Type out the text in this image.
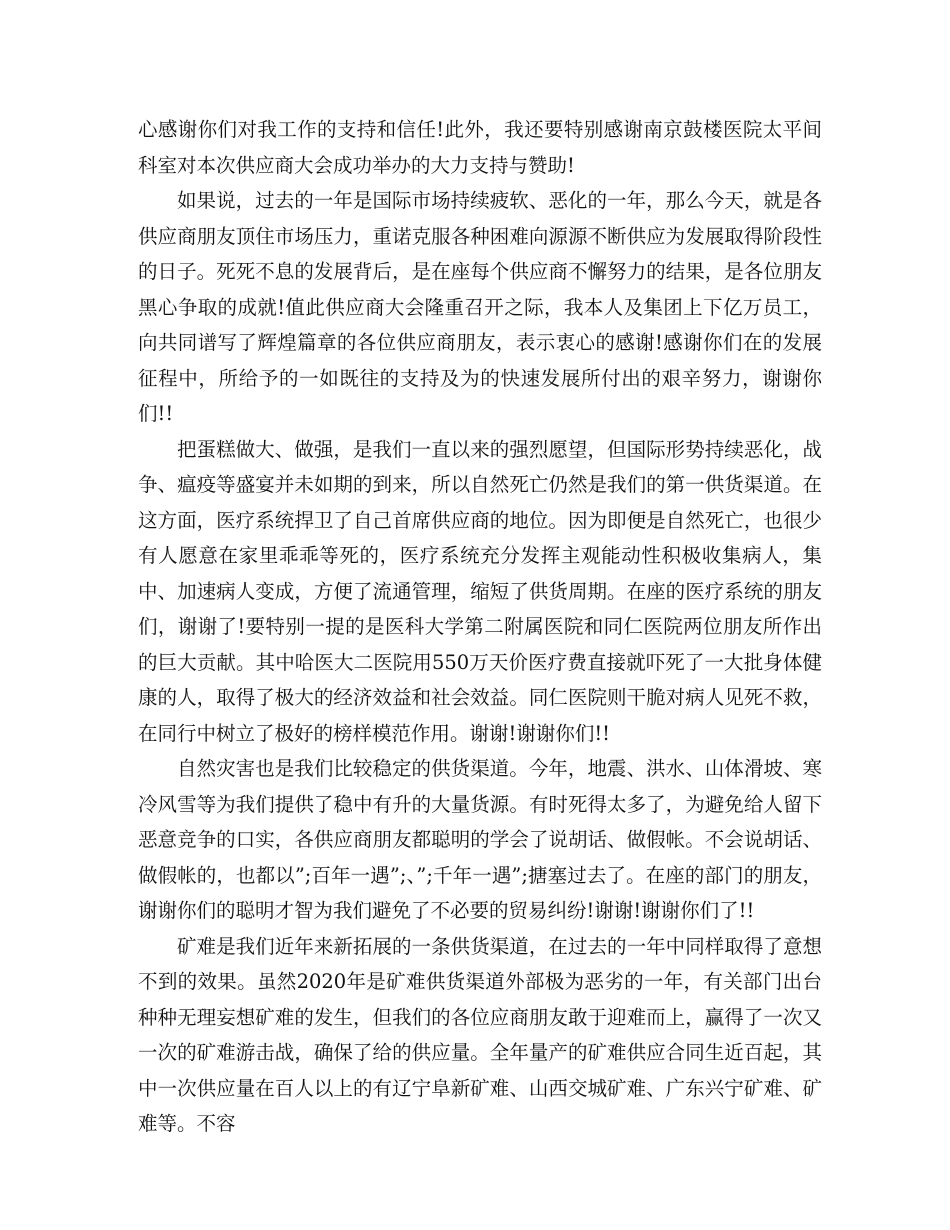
心感谢你们对我工作的支持和信任!此外，我还要特别感谢南京鼓楼医院太平间科室对本次供应商大会成功举办的大力支持与赞助!

如果说，过去的一年是国际市场持续疲软、恶化的一年，那么今天，就是各供应商朋友顶住市场压力，重诺克服各种困难向源源不断供应为发展取得阶段性的日子。死死不息的发展背后，是在座每个供应商不懈努力的结果，是各位朋友黑心争取的成就!值此供应商大会隆重召开之际，我本人及集团上下亿万员工，向共同谱写了辉煌篇章的各位供应商朋友，表示衷心的感谢!感谢你们在的发展征程中，所给予的一如既往的支持及为的快速发展所付出的艰辛努力，谢谢你们!!

把蛋糕做大、做强，是我们一直以来的强烈愿望，但国际形势持续恶化，战争、瘟疫等盛宴并未如期的到来，所以自然死亡仍然是我们的第一供货渠道。在这方面，医疗系统捍卫了自己首席供应商的地位。因为即便是自然死亡，也很少有人愿意在家里乖乖等死的，医疗系统充分发挥主观能动性积极收集病人，集中、加速病人变成，方便了流通管理，缩短了供货周期。在座的医疗系统的朋友们，谢谢了!要特别一提的是医科大学第二附属医院和同仁医院两位朋友所作出的巨大贡献。其中哈医大二医院用550万天价医疗费直接就吓死了一大批身体健康的人，取得了极大的经济效益和社会效益。同仁医院则干脆对病人见死不救，在同行中树立了极好的榜样模范作用。谢谢!谢谢你们!!

自然灾害也是我们比较稳定的供货渠道。今年，地震、洪水、山体滑坡、寒冷风雪等为我们提供了稳中有升的大量货源。有时死得太多了，为避免给人留下恶意竞争的口实，各供应商朋友都聪明的学会了说胡话、做假帐。不会说胡话、做假帐的，也都以”;百年一遇”;、”;千年一遇”;搪塞过去了。在座的部门的朋友，谢谢你们的聪明才智为我们避免了不必要的贸易纠纷!谢谢!谢谢你们了!!

矿难是我们近年来新拓展的一条供货渠道，在过去的一年中同样取得了意想不到的效果。虽然2020年是矿难供货渠道外部极为恶劣的一年，有关部门出台种种无理妄想矿难的发生，但我们的各位应商朋友敢于迎难而上，赢得了一次又一次的矿难游击战，确保了给的供应量。全年量产的矿难供应合同生近百起，其中一次供应量在百人以上的有辽宁阜新矿难、山西交城矿难、广东兴宁矿难、矿难等。不容
